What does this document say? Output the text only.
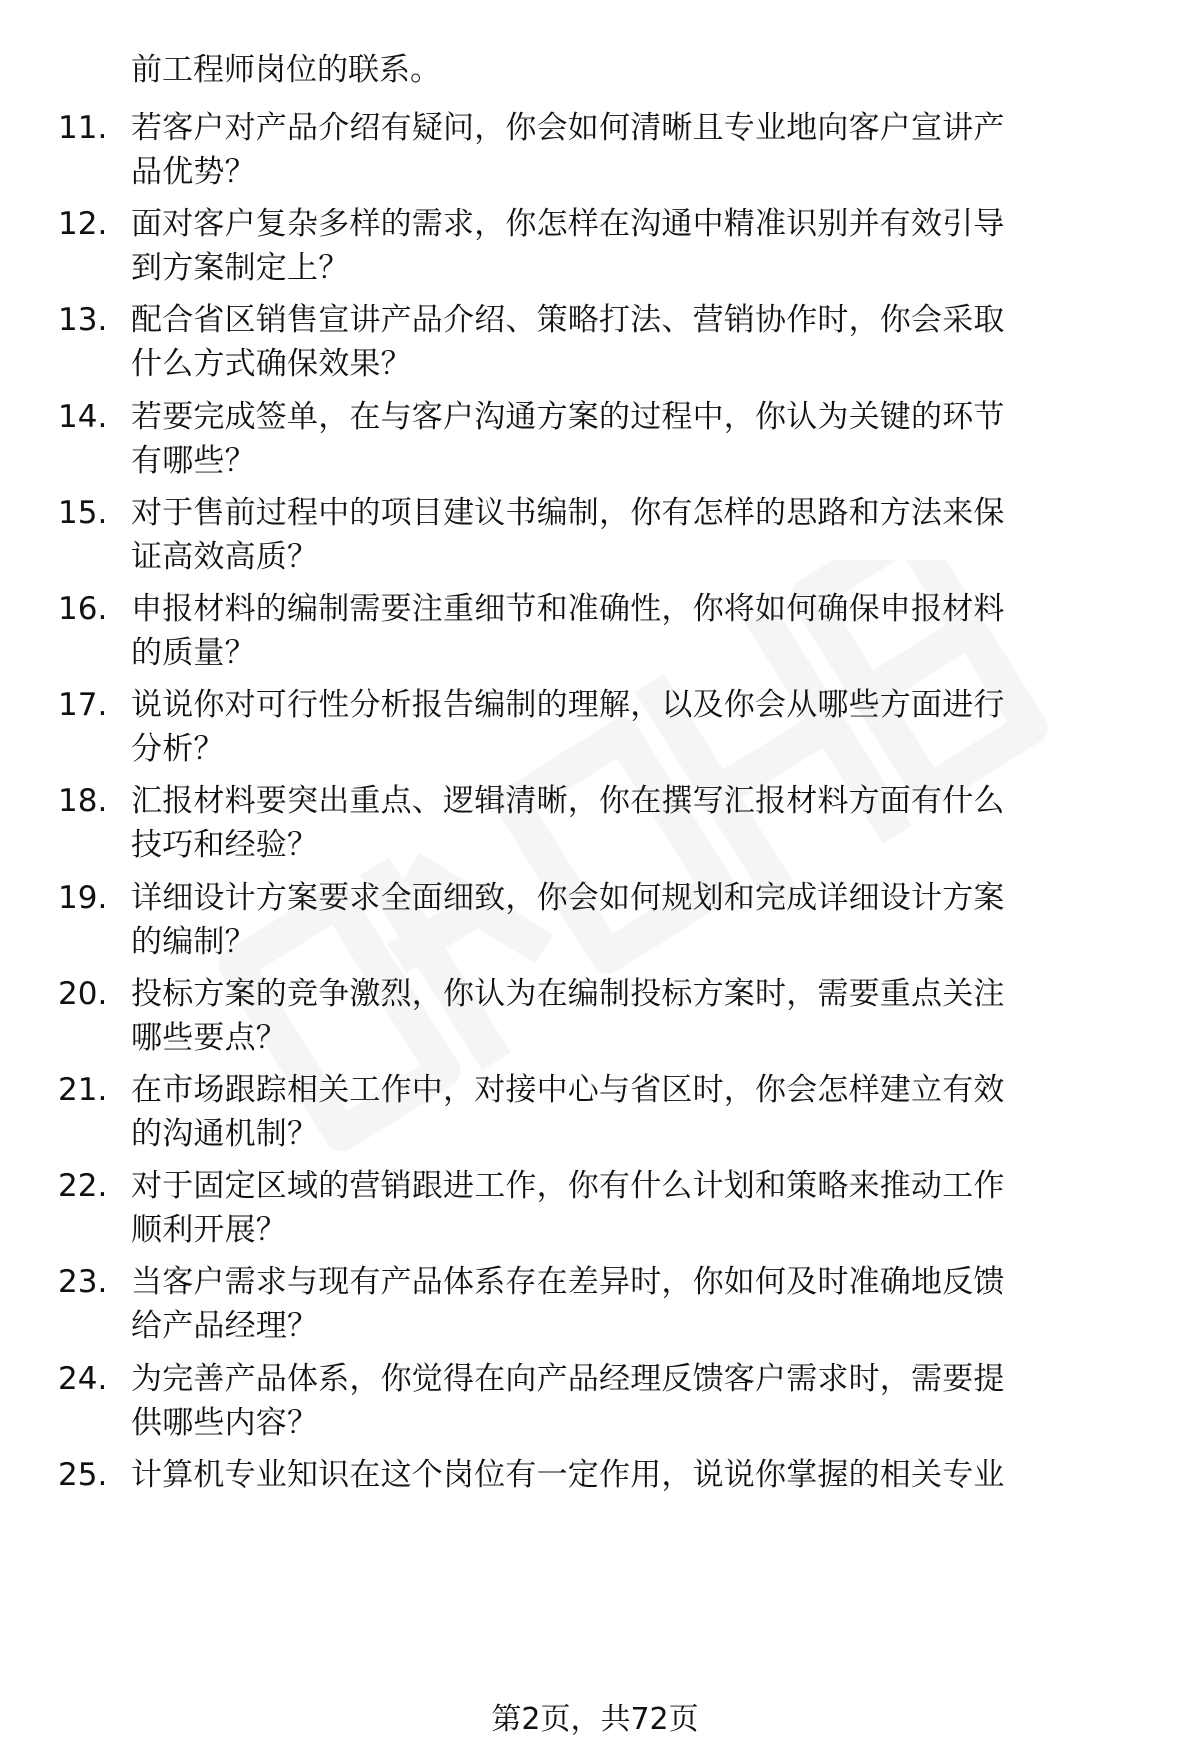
前工程师岗位的联系。
11. 若客户对产品介绍有疑问，你会如何清晰且专业地向客户宣讲产
品优势？
12. 面对客户复杂多样的需求，你怎样在沟通中精准识别并有效引导
到方案制定上？
13. 配合省区销售宣讲产品介绍、策略打法、营销协作时，你会采取
什么方式确保效果？
14. 若要完成签单，在与客户沟通方案的过程中，你认为关键的环节
有哪些？
15. 对于售前过程中的项目建议书编制，你有怎样的思路和方法来保
证高效高质？
16. 申报材料的编制需要注重细节和准确性，你将如何确保申报材料
的质量？
17. 说说你对可行性分析报告编制的理解，以及你会从哪些方面进行
分析？
18. 汇报材料要突出重点、逻辑清晰，你在撰写汇报材料方面有什么
技巧和经验？
19. 详细设计方案要求全面细致，你会如何规划和完成详细设计方案
的编制？
20. 投标方案的竞争激烈，你认为在编制投标方案时，需要重点关注
哪些要点？
21. 在市场跟踪相关工作中，对接中心与省区时，你会怎样建立有效
的沟通机制？
22. 对于固定区域的营销跟进工作，你有什么计划和策略来推动工作
顺利开展？
23. 当客户需求与现有产品体系存在差异时，你如何及时准确地反馈
给产品经理？
24. 为完善产品体系，你觉得在向产品经理反馈客户需求时，需要提
供哪些内容？
25. 计算机专业知识在这个岗位有一定作用，说说你掌握的相关专业
第2页，共72页
